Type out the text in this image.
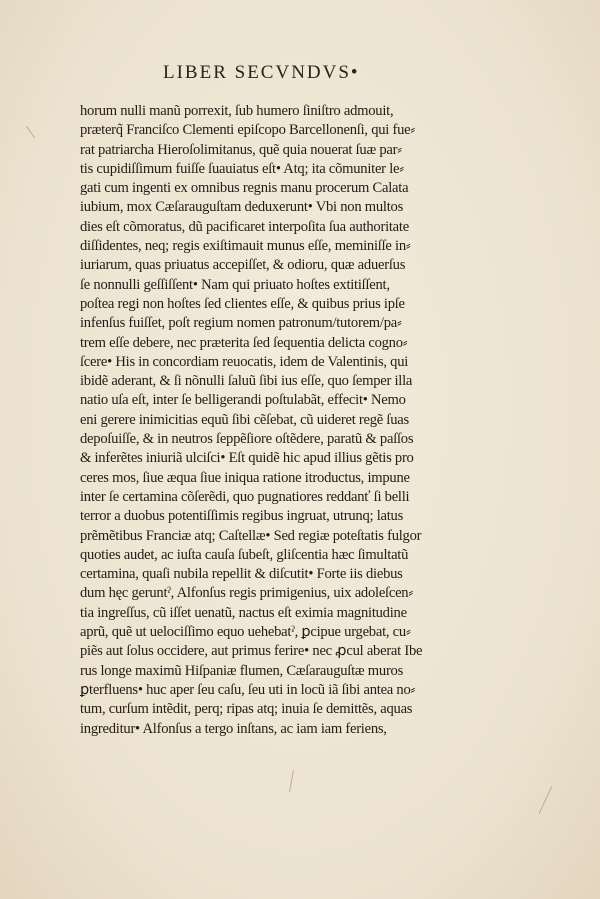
LIBER SECVNDVS•
horum nulli manũ porrexit, ſub humero ſiniſtro admouit,
præterq̃ Franciſco Clementi epiſcopo Barcellonenſi, qui fue⸗
rat patriarcha Hieroſolimitanus, quẽ quia nouerat ſuæ par⸗
tis cupidiſſimum fuiſſe ſuauiatus eſt• Atq; ita cõmuniter le⸗
gati cum ingenti ex omnibus regnis manu procerum Calata
iubium, mox Cæſarauguſtam deduxerunt• Vbi non multos
dies eſt cõmoratus, dũ pacificaret interpoſita ſua authoritate
diſſidentes, neq; regis exiſtimauit munus eſſe, meminiſſe in⸗
iuriarum, quas priuatus accepiſſet, & odioru, quæ aduerſus
ſe nonnulli geſſiſſent• Nam qui priuato hoſtes extitiſſent,
poſtea regi non hoſtes ſed clientes eſſe, & quibus prius ipſe
infenſus fuiſſet, poſt regium nomen patronum/tutorem/pa⸗
trem eſſe debere, nec præterita ſed ſequentia delicta cogno⸗
ſcere• His in concordiam reuocatis, idem de Valentinis, qui
ibidẽ aderant, & ſi nõnulli ſaluũ ſibi ius eſſe, quo ſemper illa
natio uſa eſt, inter ſe belligerandi poſtulabãt, effecit• Nemo
eni gerere inimicitias equũ ſibi cẽſebat, cũ uideret regẽ ſuas
depoſuiſſe, & in neutros ſeppẽſiore oſtẽdere, paratũ & paſſos
& inferẽtes iniuriã ulciſci• Eſt quidẽ hic apud illius gẽtis pro
ceres mos, ſiue æqua ſiue iniqua ratione itroductus, impune
inter ſe certamina cõſerẽdi, quo pugnatiores reddanť ſi belli
terror a duobus potentiſſimis regibus ingruat, utrunq; latus
prẽmẽtibus Franciæ atq; Caſtellæ• Sed regiæ poteſtatis fulgor
quoties audet, ac iuſta cauſa ſubeſt, gliſcentia hæc ſimultatũ
certamina, quaſi nubila repellit & diſcutit• Forte iis diebus
dum hęc geruntˀ, Alfonſus regis primigenius, uix adoleſcen⸗
tia ingreſſus, cũ iſſet uenatũ, nactus eſt eximia magnitudine
aprũ, quẽ ut uelociſſimo equo uehebatˀ, ꝑcipue urgebat, cu⸗
piẽs aut ſolus occidere, aut primus ferire• nec ꝓcul aberat Ibe
rus longe maximũ Hiſpaniæ flumen, Cæſarauguſtæ muros
ꝑterfluens• huc aper ſeu caſu, ſeu uti in locũ iã ſibi antea no⸗
tum, curſum intẽdit, perq; ripas atq; inuia ſe demittẽs, aquas
ingreditur• Alfonſus a tergo inſtans, ac iam iam feriens,
